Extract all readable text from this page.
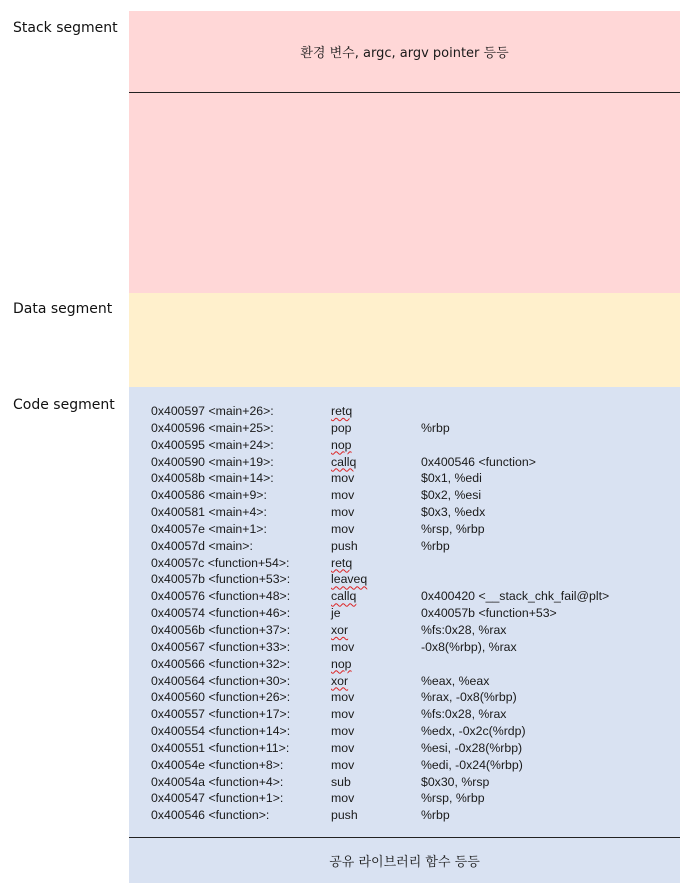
Stack segment
Data segment
Code segment
환경 변수, argc, argv pointer 등등
0x400597 <main+26>:	retq
0x400596 <main+25>:	pop	%rbp
0x400595 <main+24>:	nop
0x400590 <main+19>:	callq	0x400546 <function>
0x40058b <main+14>:	mov	$0x1, %edi
0x400586 <main+9>:	mov	$0x2, %esi
0x400581 <main+4>:	mov	$0x3, %edx
0x40057e <main+1>:	mov	%rsp, %rbp
0x40057d <main>:	push	%rbp
0x40057c <function+54>:	retq
0x40057b <function+53>:	leaveq
0x400576 <function+48>:	callq	0x400420 <__stack_chk_fail@plt>
0x400574 <function+46>:	je	0x40057b <function+53>
0x40056b <function+37>:	xor	%fs:0x28, %rax
0x400567 <function+33>:	mov	-0x8(%rbp), %rax
0x400566 <function+32>:	nop
0x400564 <function+30>:	xor	%eax, %eax
0x400560 <function+26>:	mov	%rax, -0x8(%rbp)
0x400557 <function+17>:	mov	%fs:0x28, %rax
0x400554 <function+14>:	mov	%edx, -0x2c(%rdp)
0x400551 <function+11>:	mov	%esi, -0x28(%rbp)
0x40054e <function+8>:	mov	%edi, -0x24(%rbp)
0x40054a <function+4>:	sub	$0x30, %rsp
0x400547 <function+1>:	mov	%rsp, %rbp
0x400546 <function>:	push	%rbp
공유 라이브러리 함수 등등
